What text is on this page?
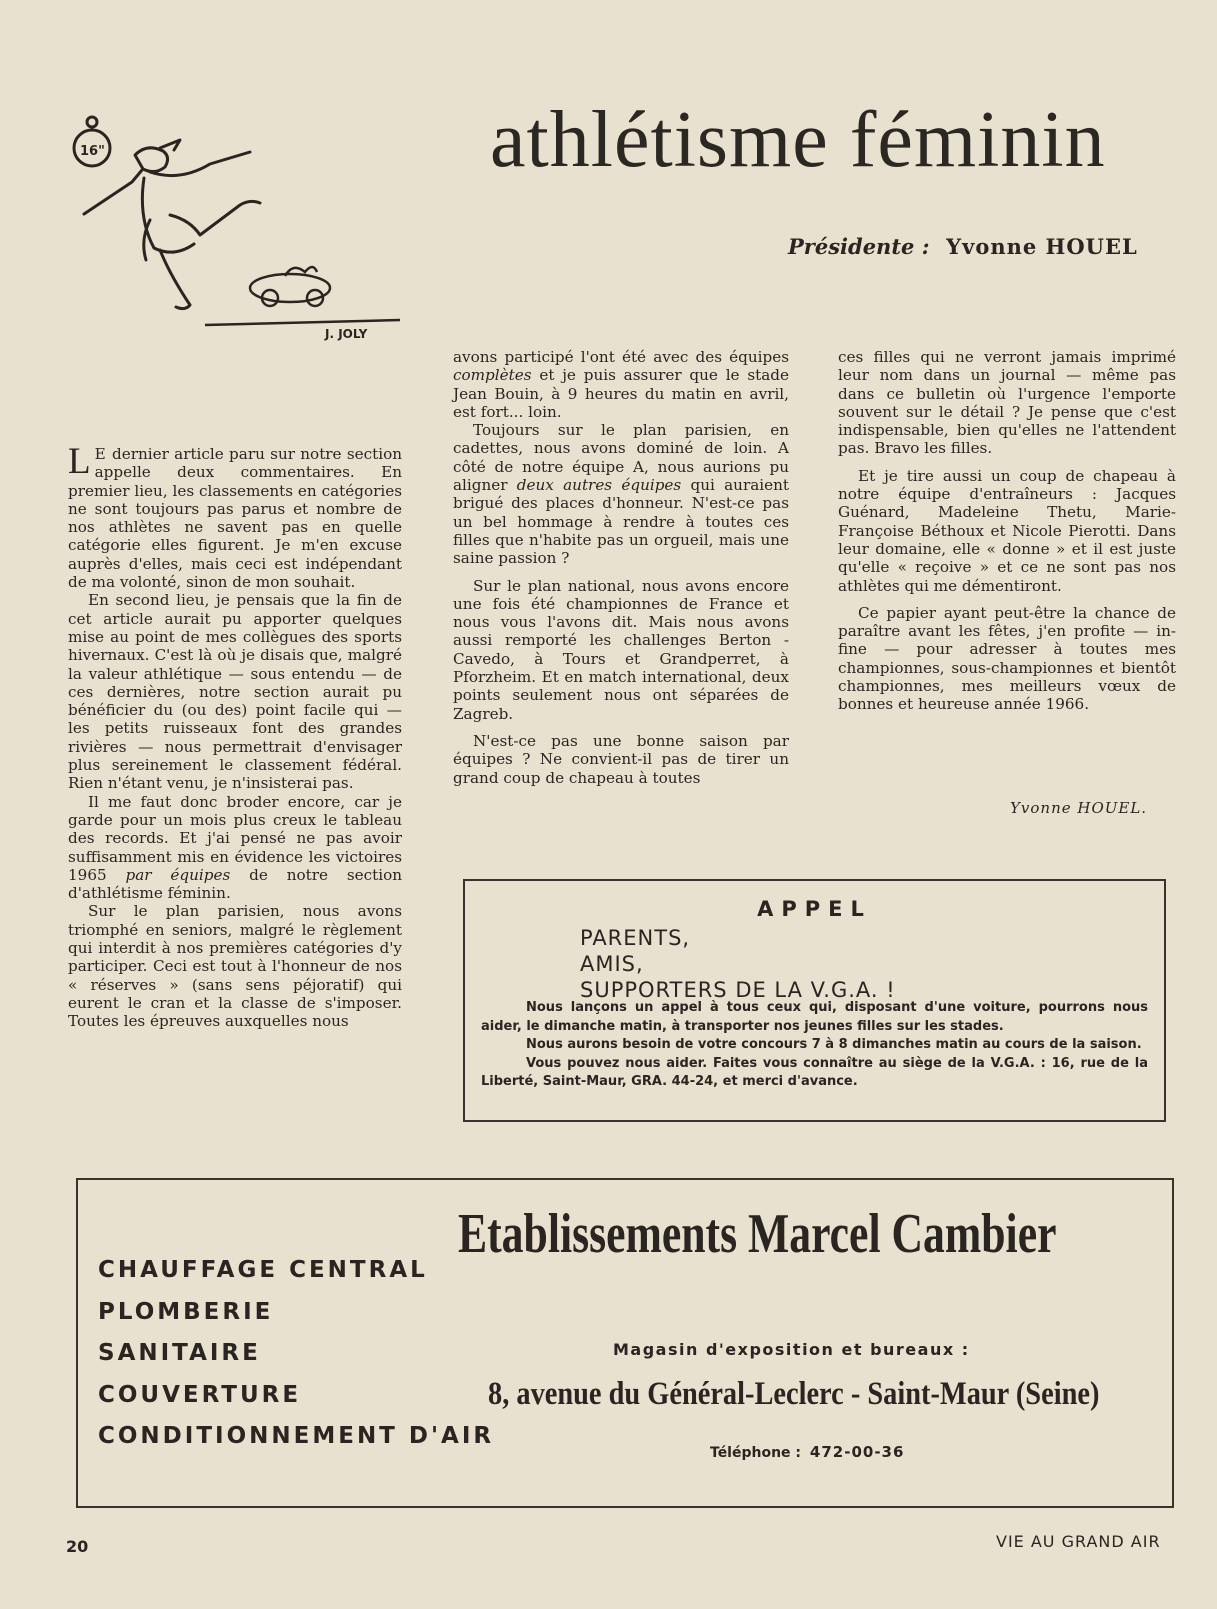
16"
J. JOLY
athlétisme féminin
Présidente : Yvonne HOUEL

L E dernier article paru sur notre section appelle deux commentaires. En premier lieu, les classements en catégories ne sont toujours pas parus et nombre de nos athlètes ne savent pas en quelle catégorie elles figurent. Je m'en excuse auprès d'elles, mais ceci est indépendant de ma volonté, sinon de mon souhait.

En second lieu, je pensais que la fin de cet article aurait pu apporter quelques mise au point de mes collègues des sports hivernaux. C'est là où je disais que, malgré la valeur athlétique — sous entendu — de ces dernières, notre section aurait pu bénéficier du (ou des) point facile qui — les petits ruisseaux font des grandes rivières — nous permettrait d'envisager plus sereinement le classement fédéral. Rien n'étant venu, je n'insisterai pas.

Il me faut donc broder encore, car je garde pour un mois plus creux le tableau des records. Et j'ai pensé ne pas avoir suffisamment mis en évidence les victoires 1965 par équipes de notre section d'athlétisme féminin.

Sur le plan parisien, nous avons triomphé en seniors, malgré le règlement qui interdit à nos premières catégories d'y participer. Ceci est tout à l'honneur de nos « réserves » (sans sens péjoratif) qui eurent le cran et la classe de s'imposer. Toutes les épreuves auxquelles nous

avons participé l'ont été avec des équipes complètes et je puis assurer que le stade Jean Bouin, à 9 heures du matin en avril, est fort... loin.

Toujours sur le plan parisien, en cadettes, nous avons dominé de loin. A côté de notre équipe A, nous aurions pu aligner deux autres équipes qui auraient brigué des places d'honneur. N'est-ce pas un bel hommage à rendre à toutes ces filles que n'habite pas un orgueil, mais une saine passion ?

Sur le plan national, nous avons encore une fois été championnes de France et nous vous l'avons dit. Mais nous avons aussi remporté les challenges Berton - Cavedo, à Tours et Grandperret, à Pforzheim. Et en match international, deux points seulement nous ont séparées de Zagreb.

N'est-ce pas une bonne saison par équipes ? Ne convient-il pas de tirer un grand coup de chapeau à toutes

ces filles qui ne verront jamais imprimé leur nom dans un journal — même pas dans ce bulletin où l'urgence l'emporte souvent sur le détail ? Je pense que c'est indispensable, bien qu'elles ne l'attendent pas. Bravo les filles.

Et je tire aussi un coup de chapeau à notre équipe d'entraîneurs : Jacques Guénard, Madeleine Thetu, Marie-Françoise Béthoux et Nicole Pierotti. Dans leur domaine, elle « donne » et il est juste qu'elle « reçoive » et ce ne sont pas nos athlètes qui me démentiront.

Ce papier ayant peut-être la chance de paraître avant les fêtes, j'en profite — in-fine — pour adresser à toutes mes championnes, sous-championnes et bientôt championnes, mes meilleurs vœux de bonnes et heureuse année 1966.

Yvonne HOUEL.
APPEL
PARENTS,
AMIS,
SUPPORTERS DE LA V.G.A. !

Nous lançons un appel à tous ceux qui, disposant d'une voiture, pourrons nous aider, le dimanche matin, à transporter nos jeunes filles sur les stades.

Nous aurons besoin de votre concours 7 à 8 dimanches matin au cours de la saison.

Vous pouvez nous aider. Faites vous connaître au siège de la V.G.A. : 16, rue de la Liberté, Saint-Maur, GRA. 44-24, et merci d'avance.

CHAUFFAGE CENTRAL
PLOMBERIE
SANITAIRE
COUVERTURE
CONDITIONNEMENT D'AIR
Etablissements Marcel Cambier
Magasin d'exposition et bureaux :
8, avenue du Général-Leclerc - Saint-Maur (Seine)
Téléphone : 472-00-36
20	VIE AU GRAND AIR
